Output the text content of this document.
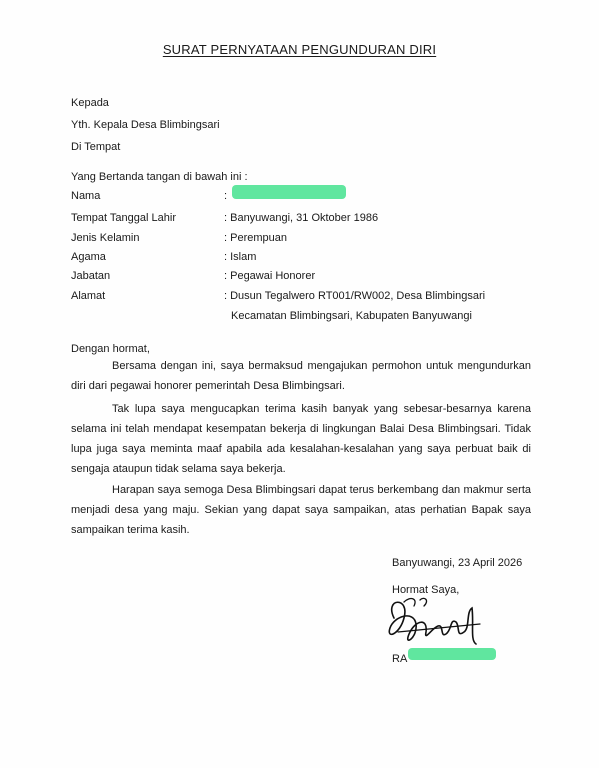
SURAT PERNYATAAN PENGUNDURAN DIRI
Kepada
Yth. Kepala Desa Blimbingsari
Di Tempat
Yang Bertanda tangan di bawah ini :
Nama	:
Tempat Tanggal Lahir	: Banyuwangi, 31 Oktober 1986
Jenis Kelamin	: Perempuan
Agama	: Islam
Jabatan	: Pegawai Honorer
Alamat	: Dusun Tegalwero RT001/RW002, Desa Blimbingsari
Kecamatan Blimbingsari, Kabupaten Banyuwangi
Dengan hormat,
Bersama dengan ini, saya bermaksud mengajukan permohon untuk mengundurkan diri dari pegawai honorer pemerintah Desa Blimbingsari.
Tak lupa saya mengucapkan terima kasih banyak yang sebesar-besarnya karena selama ini telah mendapat kesempatan bekerja di lingkungan Balai Desa Blimbingsari. Tidak lupa juga saya meminta maaf apabila ada kesalahan-kesalahan yang saya perbuat baik di sengaja ataupun tidak selama saya bekerja.
Harapan saya semoga Desa Blimbingsari dapat terus berkembang dan makmur serta menjadi desa yang maju. Sekian yang dapat saya sampaikan, atas perhatian Bapak saya sampaikan terima kasih.
Banyuwangi, 23 April 2026
Hormat Saya,
RA
